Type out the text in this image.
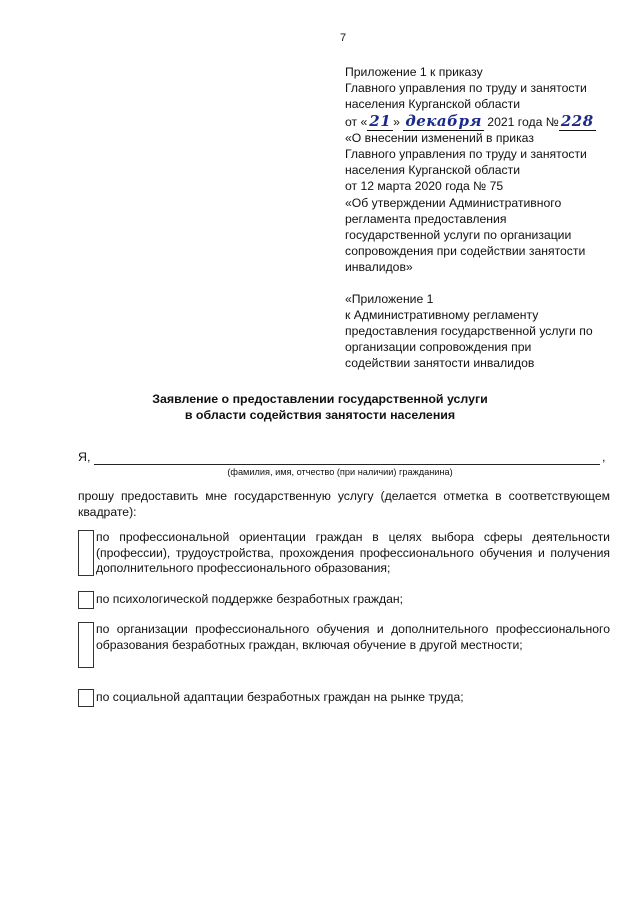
7
Приложение 1 к приказу
Главного управления по труду и занятости
населения Курганской области
от « 21 » декабря 2021 года № 228
«О внесении изменений в приказ
Главного управления по труду и занятости
населения Курганской области
от 12 марта 2020 года № 75
«Об утверждении Административного
регламента предоставления
государственной услуги по организации
сопровождения при содействии занятости
инвалидов»
«Приложение 1
к Административному регламенту
предоставления государственной услуги по
организации сопровождения при
содействии занятости инвалидов
Заявление о предоставлении государственной услуги
в области содействия занятости населения
Я,	,
(фамилия, имя, отчество (при наличии) гражданина)
прошу предоставить мне государственную услугу (делается отметка в соответствующем квадрате):
по профессиональной ориентации граждан в целях выбора сферы деятельности (профессии), трудоустройства, прохождения профессионального обучения и получения дополнительного профессионального образования;
по психологической поддержке безработных граждан;
по организации профессионального обучения и дополнительного профессионального образования безработных граждан, включая обучение в другой местности;
по социальной адаптации безработных граждан на рынке труда;
